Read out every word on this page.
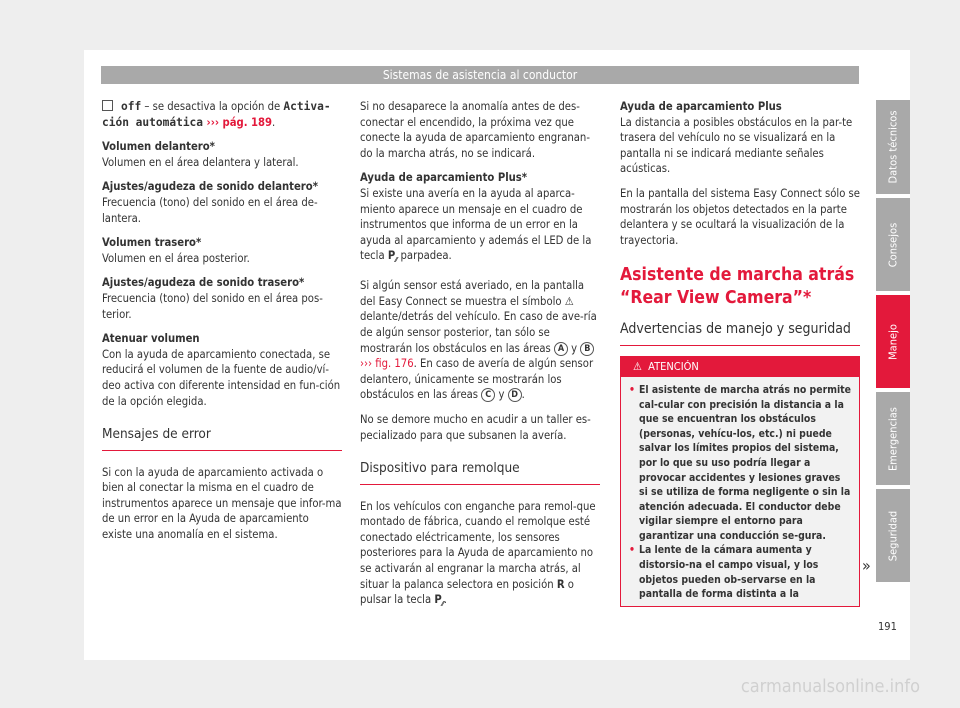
Sistemas de asistencia al conductor

off – se desactiva la opción de Activa-ción automática ››› pág. 189.

Volumen delantero*

Volumen en el área delantera y lateral.

Ajustes/agudeza de sonido delantero*

Frecuencia (tono) del sonido en el área de-lantera.

Volumen trasero*

Volumen en el área posterior.

Ajustes/agudeza de sonido trasero*

Frecuencia (tono) del sonido en el área pos-terior.

Atenuar volumen

Con la ayuda de aparcamiento conectada, se reducirá el volumen de la fuente de audio/ví-deo activa con diferente intensidad en fun-ción de la opción elegida.

Mensajes de error

Si con la ayuda de aparcamiento activada o bien al conectar la misma en el cuadro de instrumentos aparece un mensaje que infor-ma de un error en la Ayuda de aparcamiento existe una anomalía en el sistema.

Si no desaparece la anomalía antes de des-conectar el encendido, la próxima vez que conecte la ayuda de aparcamiento engranan-do la marcha atrás, no se indicará.

Ayuda de aparcamiento Plus*

Si existe una avería en la ayuda al aparca-miento aparece un mensaje en el cuadro de instrumentos que informa de un error en la ayuda al aparcamiento y además el LED de la tecla $P_{⁄⁄}$ parpadea.

Si algún sensor está averiado, en la pantalla del Easy Connect se muestra el símbolo ⚠ delante/detrás del vehículo. En caso de ave-ría de algún sensor posterior, tan sólo se mostrarán los obstáculos en las áreas A y B ››› fig. 176. En caso de avería de algún sensor delantero, únicamente se mostrarán los obstáculos en las áreas C y D .

No se demore mucho en acudir a un taller es-pecializado para que subsanen la avería.

Dispositivo para remolque

En los vehículos con enganche para remol-que montado de fábrica, cuando el remolque esté conectado eléctricamente, los sensores posteriores para la Ayuda de aparcamiento no se activarán al engranar la marcha atrás, al situar la palanca selectora en posición R o pulsar la tecla $P_{⁄⁄}$.

Ayuda de aparcamiento Plus

La distancia a posibles obstáculos en la par-te trasera del vehículo no se visualizará en la pantalla ni se indicará mediante señales acústicas.

En la pantalla del sistema Easy Connect sólo se mostrarán los objetos detectados en la parte delantera y se ocultará la visualización de la trayectoria.

Asistente de marcha atrás “Rear View Camera”*
Advertencias de manejo y seguridad
⚠ ATENCIÓN
• El asistente de marcha atrás no permite cal-cular con precisión la distancia a la que se encuentran los obstáculos (personas, vehícu-los, etc.) ni puede salvar los límites propios del sistema, por lo que su uso podría llegar a provocar accidentes y lesiones graves si se utiliza de forma negligente o sin la atención adecuada. El conductor debe vigilar siempre el entorno para garantizar una conducción se-gura.
• La lente de la cámara aumenta y distorsio-na el campo visual, y los objetos pueden ob-servarse en la pantalla de forma distinta a la
»
Datos técnicos
Consejos
Manejo
Emergencias
Seguridad
191
carmanualsonline.info
